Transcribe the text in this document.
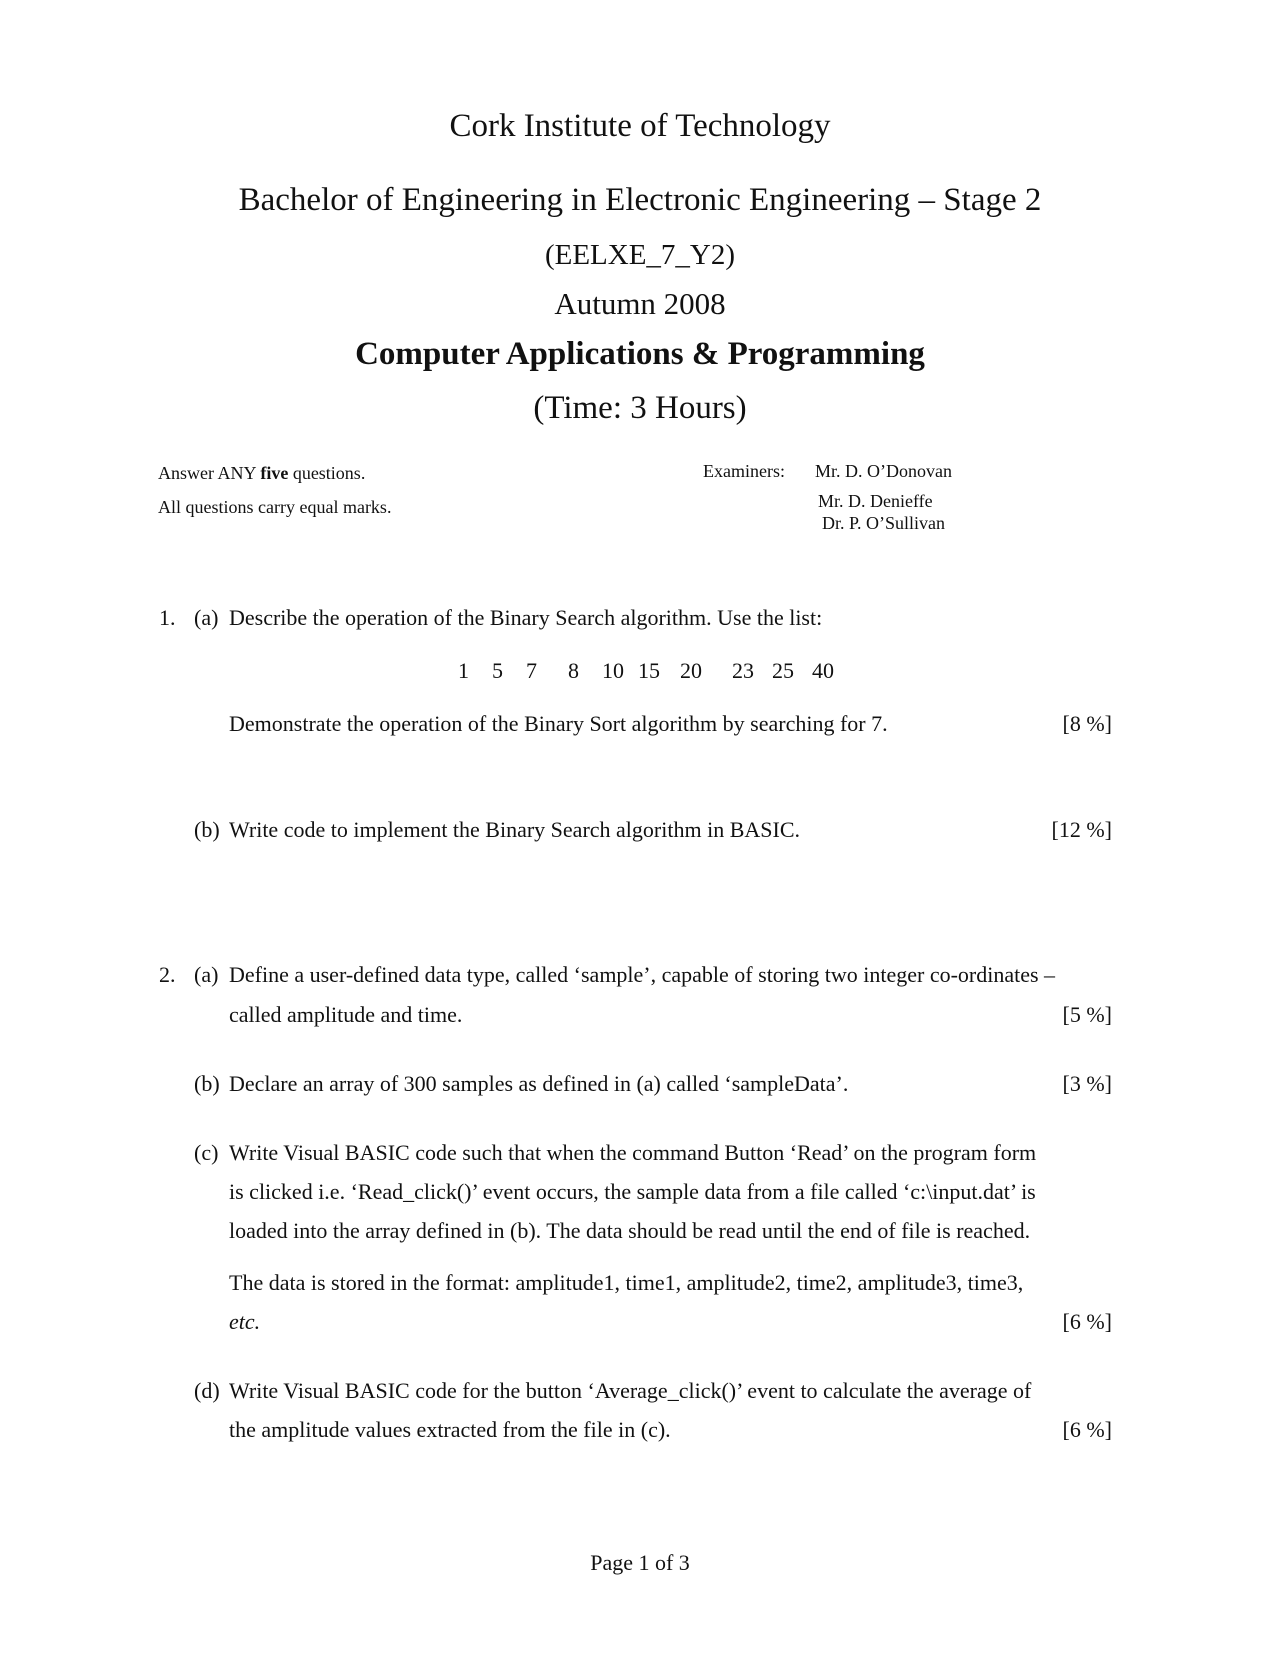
Cork Institute of Technology
Bachelor of Engineering in Electronic Engineering – Stage 2
(EELXE_7_Y2)
Autumn 2008
Computer Applications & Programming
(Time: 3 Hours)
Answer ANY five questions.
All questions carry equal marks.
Examiners: Mr. D. O’Donovan
Mr. D. Denieffe
Dr. P. O’Sullivan
1. (a) Describe the operation of the Binary Search algorithm. Use the list:
1 5 7 8 10 15 20 23 25 40
Demonstrate the operation of the Binary Sort algorithm by searching for 7.	[8 %]
(b) Write code to implement the Binary Search algorithm in BASIC.	[12 %]
2. (a) Define a user-defined data type, called ‘sample’, capable of storing two integer co-ordinates –
called amplitude and time.	[5 %]
(b) Declare an array of 300 samples as defined in (a) called ‘sampleData’.	[3 %]
(c) Write Visual BASIC code such that when the command Button ‘Read’ on the program form
is clicked i.e. ‘Read_click()’ event occurs, the sample data from a file called ‘c:\input.dat’ is
loaded into the array defined in (b). The data should be read until the end of file is reached.
The data is stored in the format: amplitude1, time1, amplitude2, time2, amplitude3, time3,
etc.	[6 %]
(d) Write Visual BASIC code for the button ‘Average_click()’ event to calculate the average of
the amplitude values extracted from the file in (c).	[6 %]
Page 1 of 3
